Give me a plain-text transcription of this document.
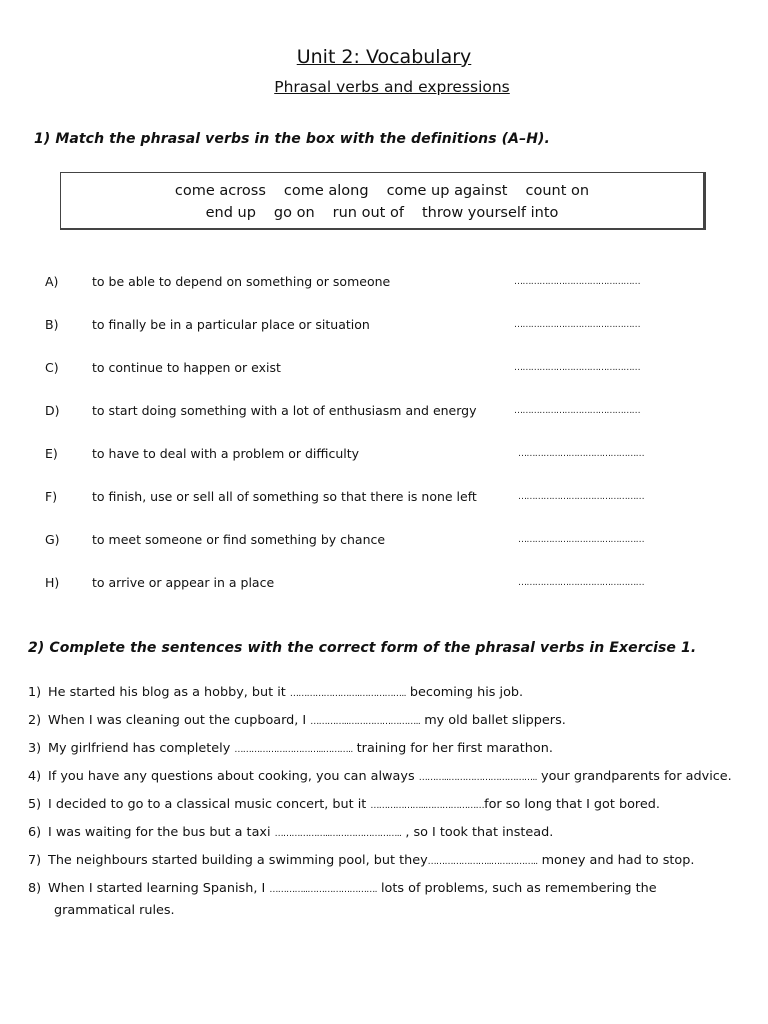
Unit 2: Vocabulary
Phrasal verbs and expressions
1) Match the phrasal verbs in the box with the definitions (A–H).
come across come along come up against count on
end up go on run out of throw yourself into
A)	to be able to depend on something or someone	………………………………………
B)	to finally be in a particular place or situation	………………………………………
C)	to continue to happen or exist	………………………………………
D)	to start doing something with a lot of enthusiasm and energy	………………………………………
E)	to have to deal with a problem or difficulty	………………………………………
F)	to finish, use or sell all of something so that there is none left	………………………………………
G)	to meet someone or find something by chance	………………………………………
H)	to arrive or appear in a place	………………………………………
2) Complete the sentences with the correct form of the phrasal verbs in Exercise 1.
1) He started his blog as a hobby, but it …………………….…………….. becoming his job.
2) When I was cleaning out the cupboard, I …………..…………………….. my old ballet slippers.
3) My girlfriend has completely …………………………..……….. training for her first marathon.
4) If you have any questions about cooking, you can always ………..………………………….. your grandparents for advice.
5) I decided to go to a classical music concert, but it ………………..…………………for so long that I got bored.
6) I was waiting for the bus but a taxi ………………..…………………….. , so I took that instead.
7) The neighbours started building a swimming pool, but they…………………..…………….. money and had to stop.
8) When I started learning Spanish, I …………..……………………. lots of problems, such as remembering the
grammatical rules.
